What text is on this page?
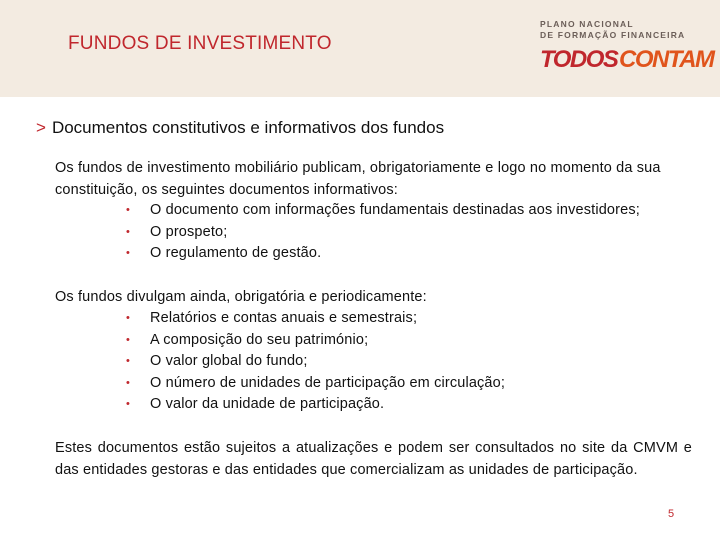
FUNDOS DE INVESTIMENTO
PLANO NACIONAL
DE FORMAÇÃO FINANCEIRA
TODOS CONTAM
> Documentos constitutivos e informativos dos fundos
Os fundos de investimento mobiliário publicam, obrigatoriamente e logo no momento da sua constituição, os seguintes documentos informativos:
• O documento com informações fundamentais destinadas aos investidores;
• O prospeto;
• O regulamento de gestão.
Os fundos divulgam ainda, obrigatória e periodicamente:
• Relatórios e contas anuais e semestrais;
• A composição do seu património;
• O valor global do fundo;
• O número de unidades de participação em circulação;
• O valor da unidade de participação.
Estes documentos estão sujeitos a atualizações e podem ser consultados no site da CMVM e das entidades gestoras e das entidades que comercializam as unidades de participação.
5
